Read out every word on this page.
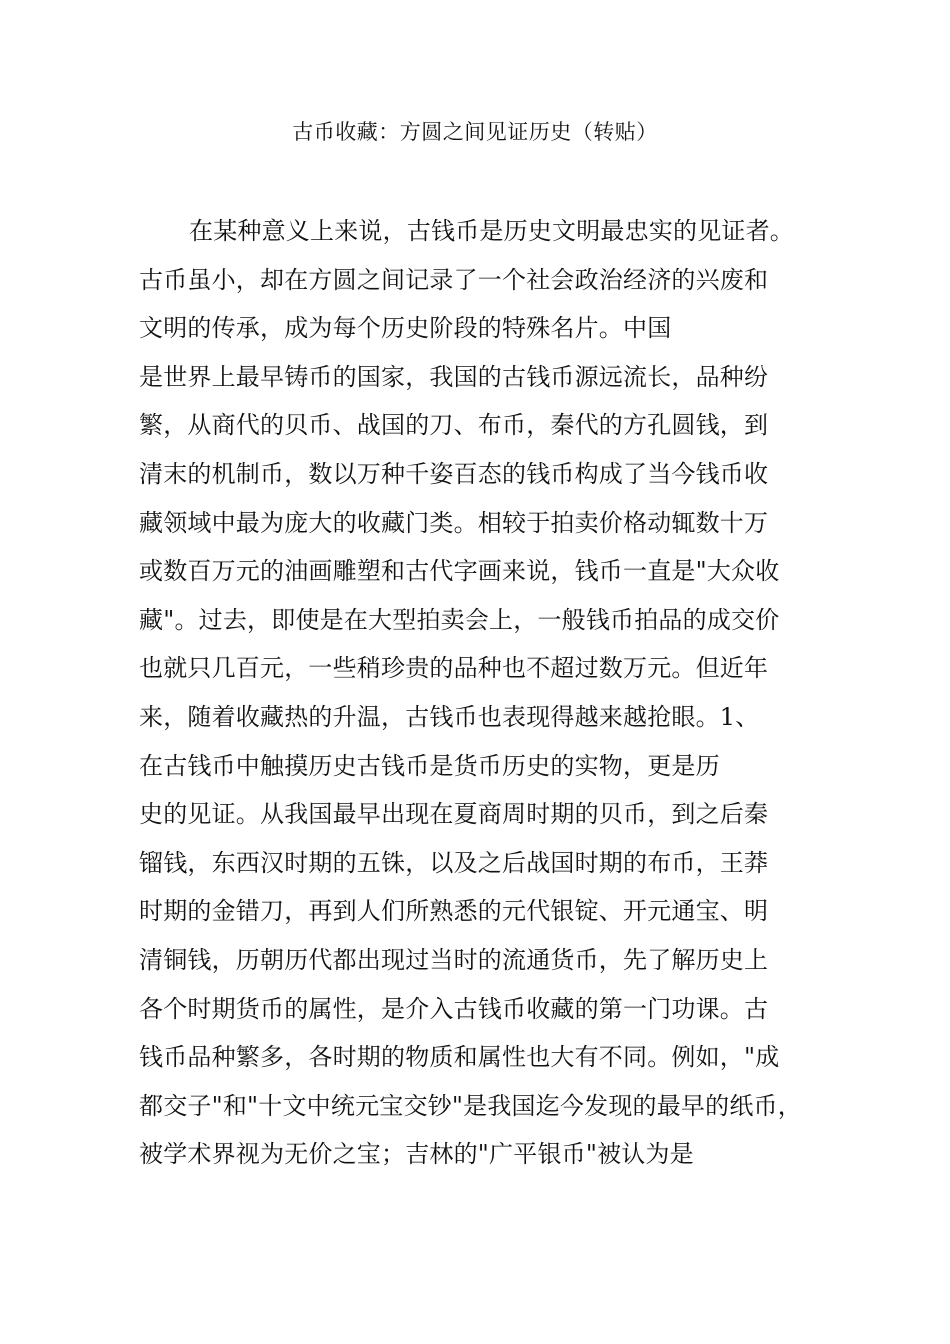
古币收藏：方圆之间见证历史（转贴）
在某种意义上来说，古钱币是历史文明最忠实的见证者。
古币虽小，却在方圆之间记录了一个社会政治经济的兴废和
文明的传承，成为每个历史阶段的特殊名片。中国
是世界上最早铸币的国家，我国的古钱币源远流长，品种纷
繁，从商代的贝币、战国的刀、布币，秦代的方孔圆钱，到
清末的机制币，数以万种千姿百态的钱币构成了当今钱币收
藏领域中最为庞大的收藏门类。相较于拍卖价格动辄数十万
或数百万元的油画雕塑和古代字画来说，钱币一直是"大众收
藏"。过去，即使是在大型拍卖会上，一般钱币拍品的成交价
也就只几百元，一些稍珍贵的品种也不超过数万元。但近年
来，随着收藏热的升温，古钱币也表现得越来越抢眼。1、
在古钱币中触摸历史古钱币是货币历史的实物，更是历
史的见证。从我国最早出现在夏商周时期的贝币，到之后秦
镏钱，东西汉时期的五铢，以及之后战国时期的布币，王莽
时期的金错刀，再到人们所熟悉的元代银锭、开元通宝、明
清铜钱，历朝历代都出现过当时的流通货币，先了解历史上
各个时期货币的属性，是介入古钱币收藏的第一门功课。古
钱币品种繁多，各时期的物质和属性也大有不同。例如，"成
都交子"和"十文中统元宝交钞"是我国迄今发现的最早的纸币，
被学术界视为无价之宝；吉林的"广平银币"被认为是
